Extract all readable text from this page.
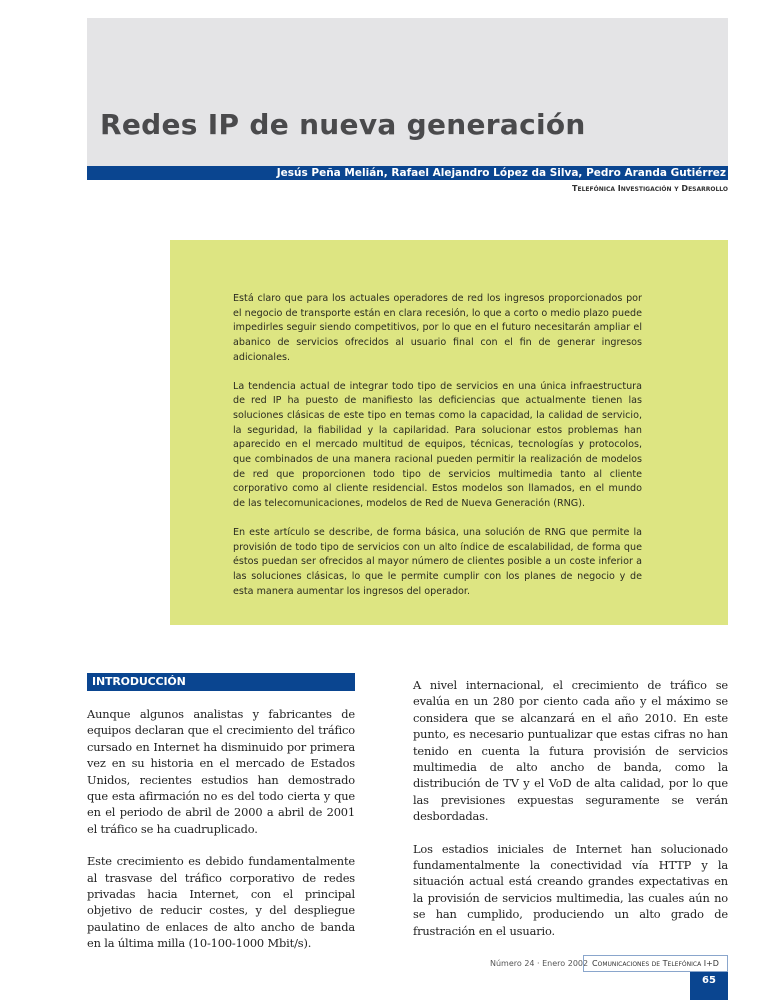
Redes IP de nueva generación
Jesús Peña Melián, Rafael Alejandro López da Silva, Pedro Aranda Gutiérrez
Telefónica Investigación y Desarrollo

Está claro que para los actuales operadores de red los ingresos proporcionados por el negocio de transporte están en clara recesión, lo que a corto o medio plazo puede impedirles seguir siendo competitivos, por lo que en el futuro necesitarán ampliar el abanico de servicios ofrecidos al usuario final con el fin de generar ingresos adicionales.

La tendencia actual de integrar todo tipo de servicios en una única infraestructura de red IP ha puesto de manifiesto las deficiencias que actualmente tienen las soluciones clásicas de este tipo en temas como la capacidad, la calidad de servicio, la seguridad, la fiabilidad y la capilaridad. Para solucionar estos problemas han aparecido en el mercado multitud de equipos, técnicas, tecnologías y protocolos, que combinados de una manera racional pueden permitir la realización de modelos de red que proporcionen todo tipo de servicios multimedia tanto al cliente corporativo como al cliente residencial. Estos modelos son llamados, en el mundo de las telecomunicaciones, modelos de Red de Nueva Generación (RNG).

En este artículo se describe, de forma básica, una solución de RNG que permite la provisión de todo tipo de servicios con un alto índice de escalabilidad, de forma que éstos puedan ser ofrecidos al mayor número de clientes posible a un coste inferior a las soluciones clásicas, lo que le permite cumplir con los planes de negocio y de esta manera aumentar los ingresos del operador.

INTRODUCCIÓN

Aunque algunos analistas y fabricantes de equipos declaran que el crecimiento del tráfico cursado en Internet ha disminuido por primera vez en su historia en el mercado de Estados Unidos, recientes estudios han demostrado que esta afirmación no es del todo cierta y que en el periodo de abril de 2000 a abril de 2001 el tráfico se ha cuadruplicado.

Este crecimiento es debido fundamentalmente al trasvase del tráfico corporativo de redes privadas hacia Internet, con el principal objetivo de reducir costes, y del despliegue paulatino de enlaces de alto ancho de banda en la última milla (10-100-1000 Mbit/s).

A nivel internacional, el crecimiento de tráfico se evalúa en un 280 por ciento cada año y el máximo se considera que se alcanzará en el año 2010. En este punto, es necesario puntualizar que estas cifras no han tenido en cuenta la futura provisión de servicios multimedia de alto ancho de banda, como la distribución de TV y el VoD de alta calidad, por lo que las previsiones expuestas seguramente se verán desbordadas.

Los estadios iniciales de Internet han solucionado fundamentalmente la conectividad vía HTTP y la situación actual está creando grandes expectativas en la provisión de servicios multimedia, las cuales aún no se han cumplido, produciendo un alto grado de frustración en el usuario.

Número 24 · Enero 2002 Comunicaciones de Telefónica I+D
65
